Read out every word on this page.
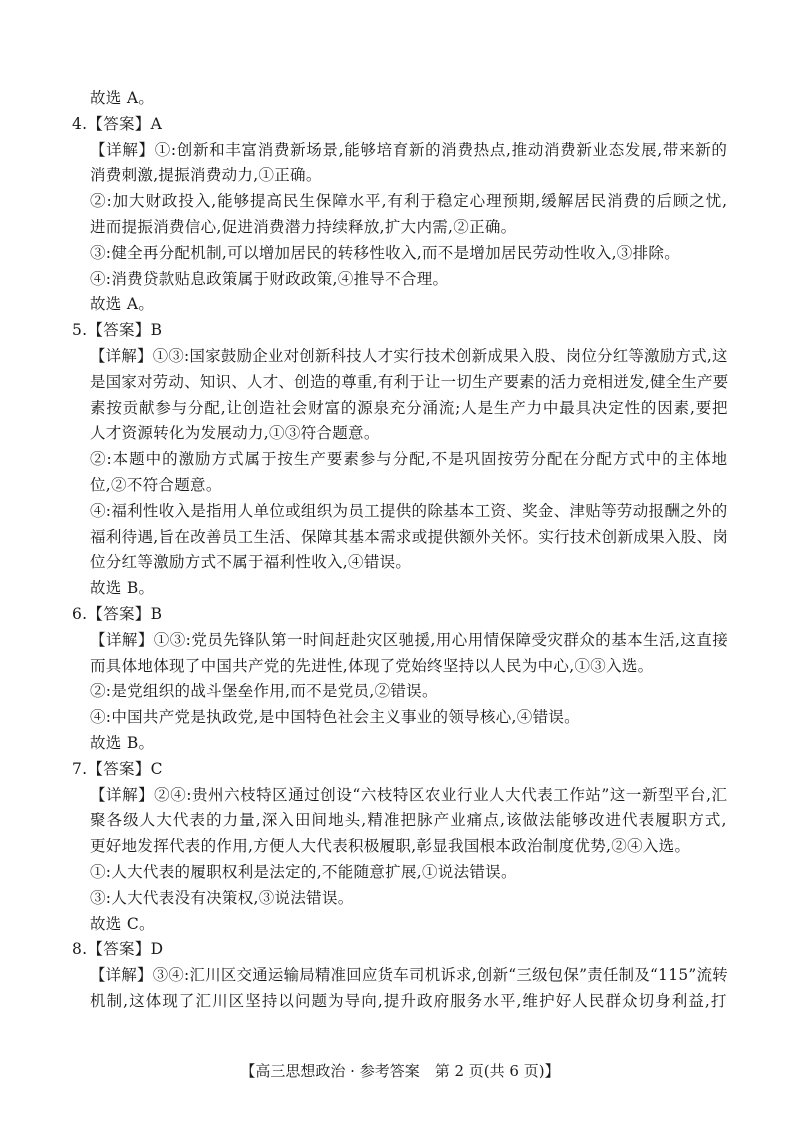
故选 A。
4.【答案】A
【详解】①:创新和丰富消费新场景,能够培育新的消费热点,推动消费新业态发展,带来新的
消费刺激,提振消费动力,①正确。
②:加大财政投入,能够提高民生保障水平,有利于稳定心理预期,缓解居民消费的后顾之忧,
进而提振消费信心,促进消费潜力持续释放,扩大内需,②正确。
③:健全再分配机制,可以增加居民的转移性收入,而不是增加居民劳动性收入,③排除。
④:消费贷款贴息政策属于财政政策,④推导不合理。
故选 A。
5.【答案】B
【详解】①③:国家鼓励企业对创新科技人才实行技术创新成果入股、岗位分红等激励方式,这
是国家对劳动、知识、人才、创造的尊重,有利于让一切生产要素的活力竞相迸发,健全生产要
素按贡献参与分配,让创造社会财富的源泉充分涌流;人是生产力中最具决定性的因素,要把
人才资源转化为发展动力,①③符合题意。
②:本题中的激励方式属于按生产要素参与分配,不是巩固按劳分配在分配方式中的主体地
位,②不符合题意。
④:福利性收入是指用人单位或组织为员工提供的除基本工资、奖金、津贴等劳动报酬之外的
福利待遇,旨在改善员工生活、保障其基本需求或提供额外关怀。实行技术创新成果入股、岗
位分红等激励方式不属于福利性收入,④错误。
故选 B。
6.【答案】B
【详解】①③:党员先锋队第一时间赶赴灾区驰援,用心用情保障受灾群众的基本生活,这直接
而具体地体现了中国共产党的先进性,体现了党始终坚持以人民为中心,①③入选。
②:是党组织的战斗堡垒作用,而不是党员,②错误。
④:中国共产党是执政党,是中国特色社会主义事业的领导核心,④错误。
故选 B。
7.【答案】C
【详解】②④:贵州六枝特区通过创设“六枝特区农业行业人大代表工作站”这一新型平台,汇
聚各级人大代表的力量,深入田间地头,精准把脉产业痛点,该做法能够改进代表履职方式,
更好地发挥代表的作用,方便人大代表积极履职,彰显我国根本政治制度优势,②④入选。
①:人大代表的履职权利是法定的,不能随意扩展,①说法错误。
③:人大代表没有决策权,③说法错误。
故选 C。
8.【答案】D
【详解】③④:汇川区交通运输局精准回应货车司机诉求,创新“三级包保”责任制及“115”流转
机制,这体现了汇川区坚持以问题为导向,提升政府服务水平,维护好人民群众切身利益,打
【高三思想政治 · 参考答案　第 2 页(共 6 页)】
